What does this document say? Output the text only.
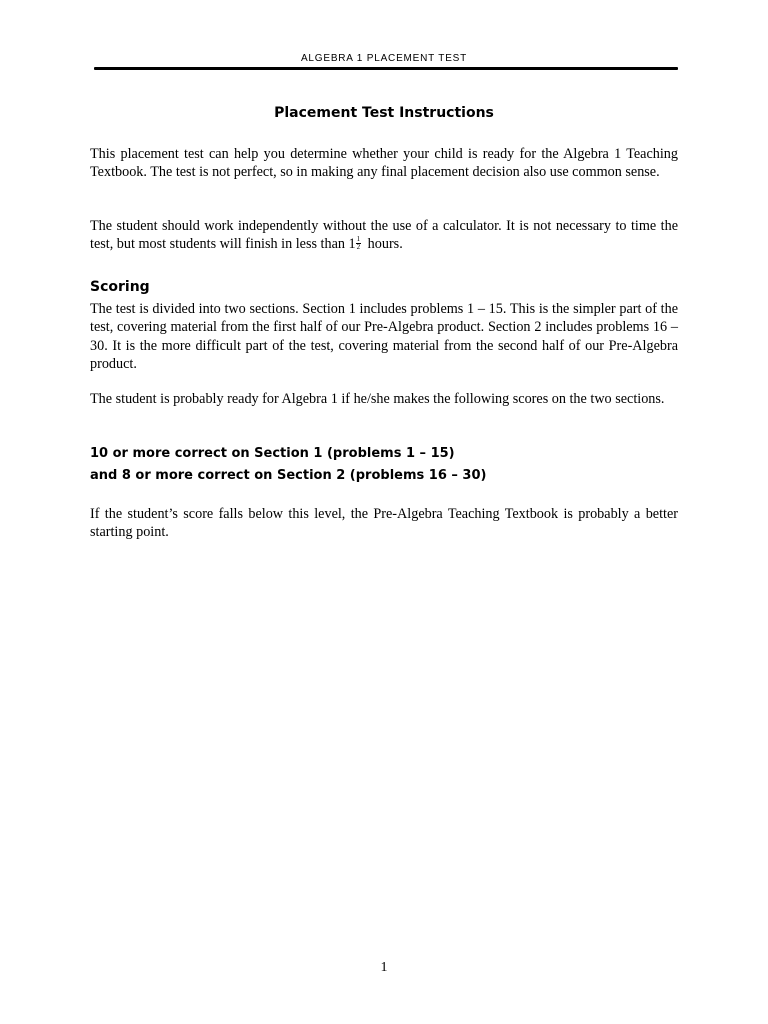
ALGEBRA 1 PLACEMENT TEST
Placement Test Instructions

This placement test can help you determine whether your child is ready for the Algebra 1 Teaching Textbook. The test is not perfect, so in making any final placement decision also use common sense.

The student should work independently without the use of a calculator. It is not necessary to time the test, but most students will finish in less than $1 \frac{1}{2}$ hours.

Scoring

The test is divided into two sections. Section 1 includes problems 1 – 15. This is the simpler part of the test, covering material from the first half of our Pre-Algebra product. Section 2 includes problems 16 – 30. It is the more difficult part of the test, covering material from the second half of our Pre-Algebra product.

The student is probably ready for Algebra 1 if he/she makes the following scores on the two sections.

10 or more correct on Section 1 (problems 1 – 15)

and 8 or more correct on Section 2 (problems 16 – 30)

If the student’s score falls below this level, the Pre-Algebra Teaching Textbook is probably a better starting point.

1
